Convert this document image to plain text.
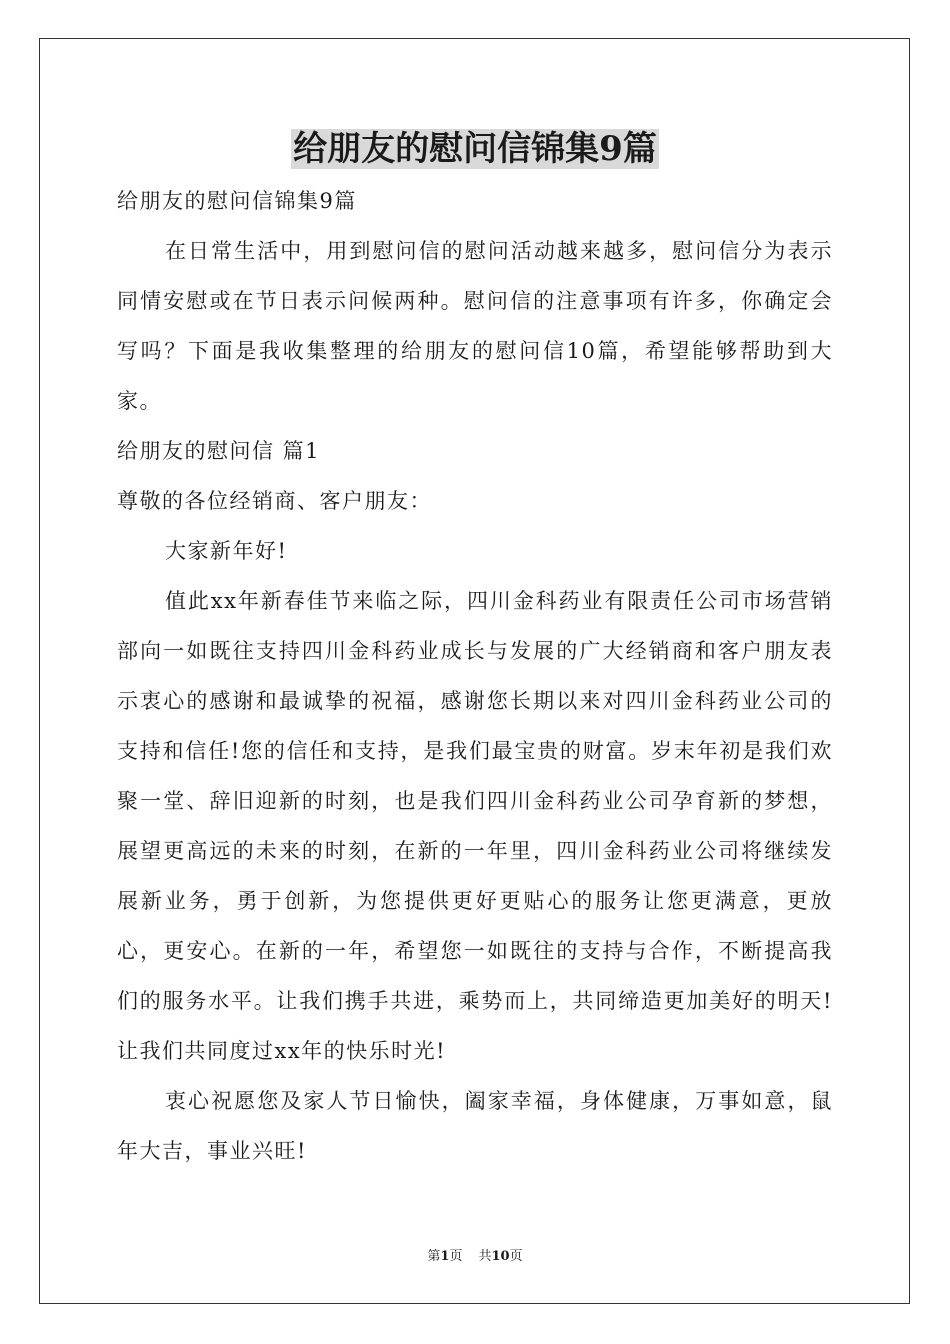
给朋友的慰问信锦集9篇

给朋友的慰问信锦集9篇

在日常生活中，用到慰问信的慰问活动越来越多，慰问信分为表示同情安慰或在节日表示问候两种。慰问信的注意事项有许多，你确定会写吗？下面是我收集整理的给朋友的慰问信10篇，希望能够帮助到大家。

给朋友的慰问信 篇1

尊敬的各位经销商、客户朋友：

大家新年好!

值此xx年新春佳节来临之际，四川金科药业有限责任公司市场营销部向一如既往支持四川金科药业成长与发展的广大经销商和客户朋友表示衷心的感谢和最诚挚的祝福，感谢您长期以来对四川金科药业公司的支持和信任!您的信任和支持，是我们最宝贵的财富。岁末年初是我们欢聚一堂、辞旧迎新的时刻，也是我们四川金科药业公司孕育新的梦想，展望更高远的未来的时刻，在新的一年里，四川金科药业公司将继续发展新业务，勇于创新，为您提供更好更贴心的服务让您更满意，更放心，更安心。在新的一年，希望您一如既往的支持与合作，不断提高我们的服务水平。让我们携手共进，乘势而上，共同缔造更加美好的明天!让我们共同度过xx年的快乐时光!

衷心祝愿您及家人节日愉快，阖家幸福，身体健康，万事如意，鼠年大吉，事业兴旺!

第1页 共10页
